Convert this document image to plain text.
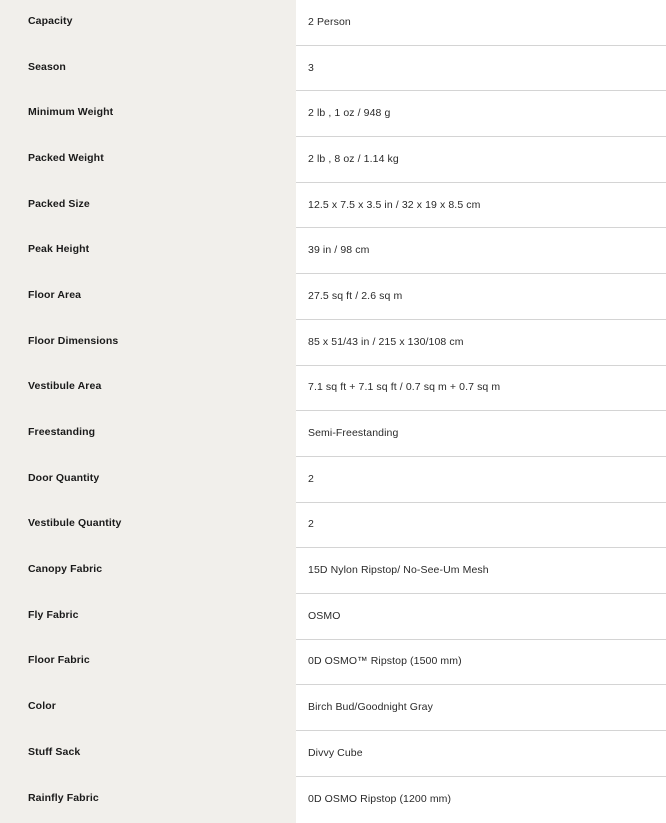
Capacity	2 Person
Season	3
Minimum Weight	2 lb , 1 oz / 948 g
Packed Weight	2 lb , 8 oz / 1.14 kg
Packed Size	12.5 x 7.5 x 3.5 in / 32 x 19 x 8.5 cm
Peak Height	39 in / 98 cm
Floor Area	27.5 sq ft / 2.6 sq m
Floor Dimensions	85 x 51/43 in / 215 x 130/108 cm
Vestibule Area	7.1 sq ft + 7.1 sq ft / 0.7 sq m + 0.7 sq m
Freestanding	Semi-Freestanding
Door Quantity	2
Vestibule Quantity	2
Canopy Fabric	15D Nylon Ripstop/ No-See-Um Mesh
Fly Fabric	OSMO
Floor Fabric	0D OSMO™ Ripstop (1500 mm)
Color	Birch Bud/Goodnight Gray
Stuff Sack	Divvy Cube
Rainfly Fabric	0D OSMO Ripstop (1200 mm)
